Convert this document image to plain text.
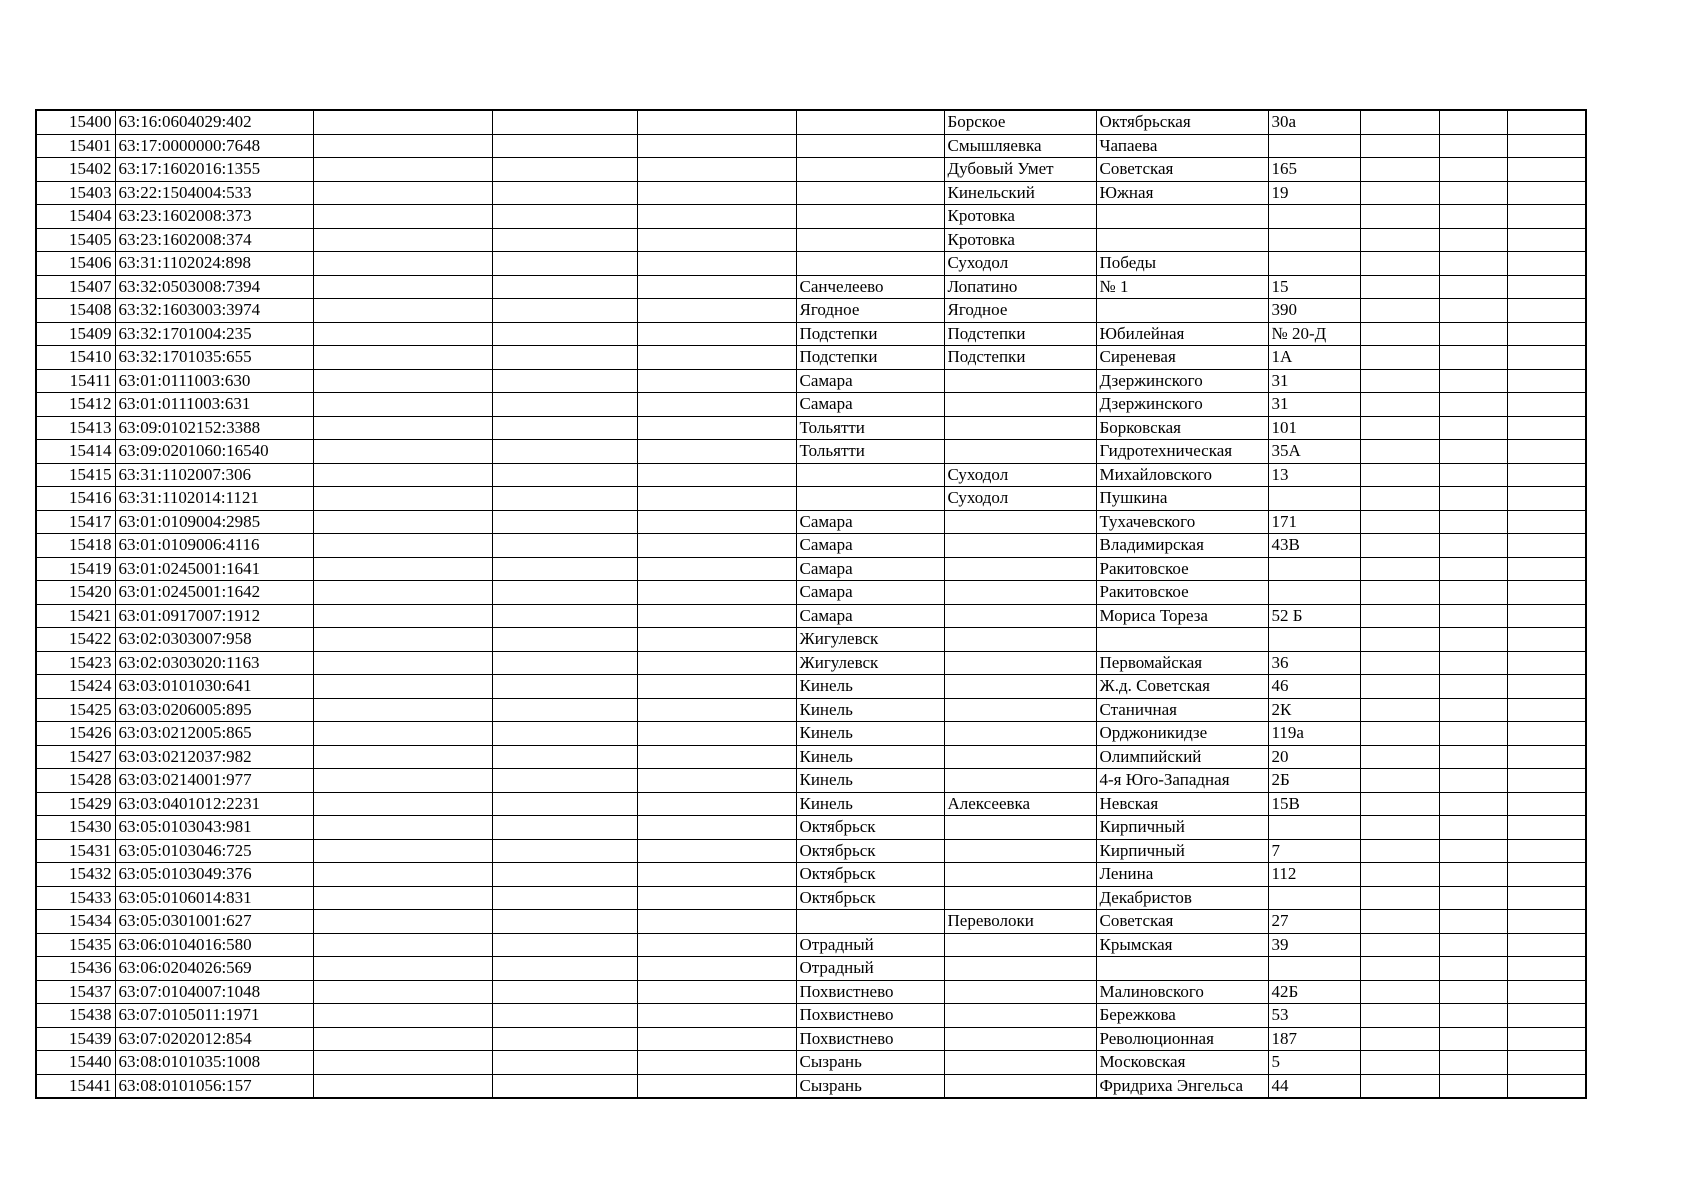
15400	63:16:0604029:402					Борское	Октябрьская	30а			
15401	63:17:0000000:7648					Смышляевка	Чапаева				
15402	63:17:1602016:1355					Дубовый Умет	Советская	165			
15403	63:22:1504004:533					Кинельский	Южная	19			
15404	63:23:1602008:373					Кротовка					
15405	63:23:1602008:374					Кротовка					
15406	63:31:1102024:898					Суходол	Победы				
15407	63:32:0503008:7394				Санчелеево	Лопатино	№ 1	15			
15408	63:32:1603003:3974				Ягодное	Ягодное		390			
15409	63:32:1701004:235				Подстепки	Подстепки	Юбилейная	№ 20-Д			
15410	63:32:1701035:655				Подстепки	Подстепки	Сиреневая	1А			
15411	63:01:0111003:630				Самара		Дзержинского	31			
15412	63:01:0111003:631				Самара		Дзержинского	31			
15413	63:09:0102152:3388				Тольятти		Борковская	101			
15414	63:09:0201060:16540				Тольятти		Гидротехническая	35А			
15415	63:31:1102007:306					Суходол	Михайловского	13			
15416	63:31:1102014:1121					Суходол	Пушкина				
15417	63:01:0109004:2985				Самара		Тухачевского	171			
15418	63:01:0109006:4116				Самара		Владимирская	43В			
15419	63:01:0245001:1641				Самара		Ракитовское				
15420	63:01:0245001:1642				Самара		Ракитовское				
15421	63:01:0917007:1912				Самара		Мориса Тореза	52 Б			
15422	63:02:0303007:958				Жигулевск						
15423	63:02:0303020:1163				Жигулевск		Первомайская	36			
15424	63:03:0101030:641				Кинель		Ж.д. Советская	46			
15425	63:03:0206005:895				Кинель		Станичная	2К			
15426	63:03:0212005:865				Кинель		Орджоникидзе	119а			
15427	63:03:0212037:982				Кинель		Олимпийский	20			
15428	63:03:0214001:977				Кинель		4-я Юго-Западная	2Б			
15429	63:03:0401012:2231				Кинель	Алексеевка	Невская	15В			
15430	63:05:0103043:981				Октябрьск		Кирпичный				
15431	63:05:0103046:725				Октябрьск		Кирпичный	7			
15432	63:05:0103049:376				Октябрьск		Ленина	112			
15433	63:05:0106014:831				Октябрьск		Декабристов				
15434	63:05:0301001:627					Переволоки	Советская	27			
15435	63:06:0104016:580				Отрадный		Крымская	39			
15436	63:06:0204026:569				Отрадный						
15437	63:07:0104007:1048				Похвистнево		Малиновского	42Б			
15438	63:07:0105011:1971				Похвистнево		Бережкова	53			
15439	63:07:0202012:854				Похвистнево		Революционная	187			
15440	63:08:0101035:1008				Сызрань		Московская	5			
15441	63:08:0101056:157				Сызрань		Фридриха Энгельса	44			
